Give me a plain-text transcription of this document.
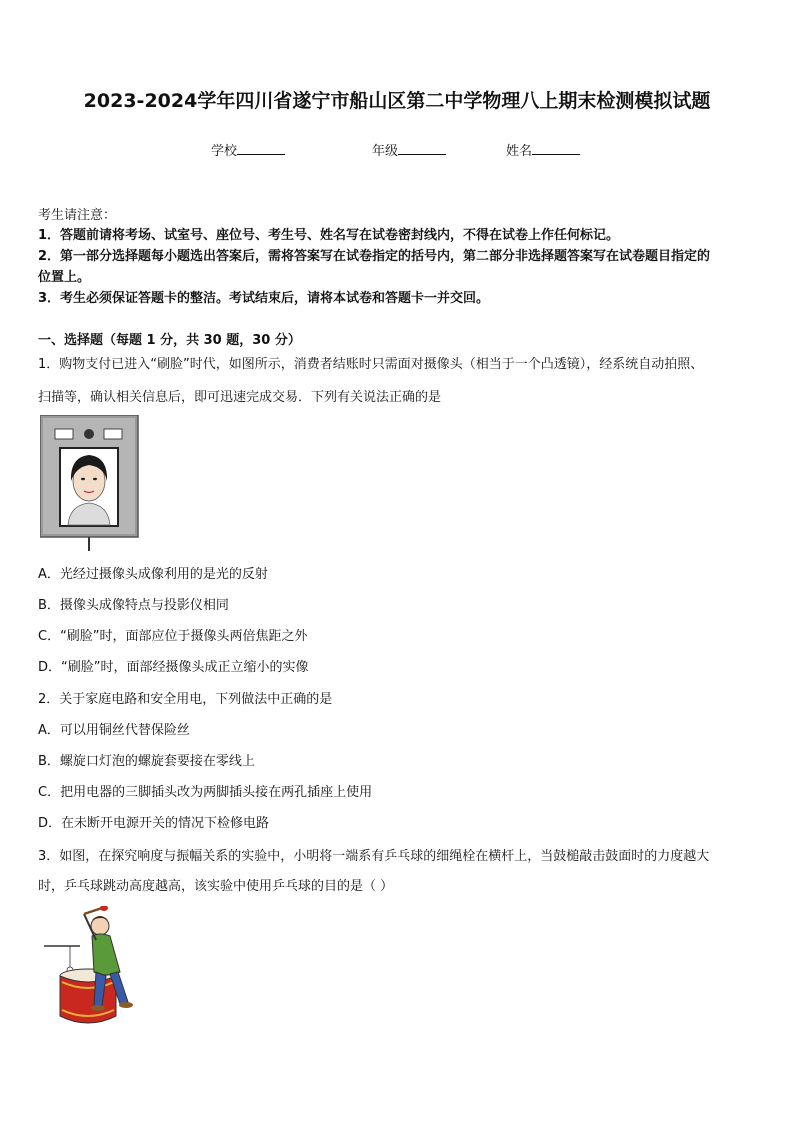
2023-2024学年四川省遂宁市船山区第二中学物理八上期末检测模拟试题
学校	年级	姓名
考生请注意：
1．答题前请将考场、试室号、座位号、考生号、姓名写在试卷密封线内，不得在试卷上作任何标记。
2．第一部分选择题每小题选出答案后，需将答案写在试卷指定的括号内，第二部分非选择题答案写在试卷题目指定的
位置上。
3．考生必须保证答题卡的整洁。考试结束后，请将本试卷和答题卡一并交回。
一、选择题（每题 1 分，共 30 题，30 分）
1．购物支付已进入“刷脸”时代，如图所示，消费者结账时只需面对摄像头（相当于一个凸透镜），经系统自动拍照、
扫描等，确认相关信息后，即可迅速完成交易．下列有关说法正确的是
A．光经过摄像头成像利用的是光的反射
B．摄像头成像特点与投影仪相同
C．“刷脸”时，面部应位于摄像头两倍焦距之外
D．“刷脸”时，面部经摄像头成正立缩小的实像
2．关于家庭电路和安全用电，下列做法中正确的是
A．可以用铜丝代替保险丝
B．螺旋口灯泡的螺旋套要接在零线上
C．把用电器的三脚插头改为两脚插头接在两孔插座上使用
D．在未断开电源开关的情况下检修电路
3．如图，在探究响度与振幅关系的实验中，小明将一端系有乒乓球的细绳栓在横杆上，当鼓槌敲击鼓面时的力度越大
时，乒乓球跳动高度越高，该实验中使用乒乓球的目的是（ ）
